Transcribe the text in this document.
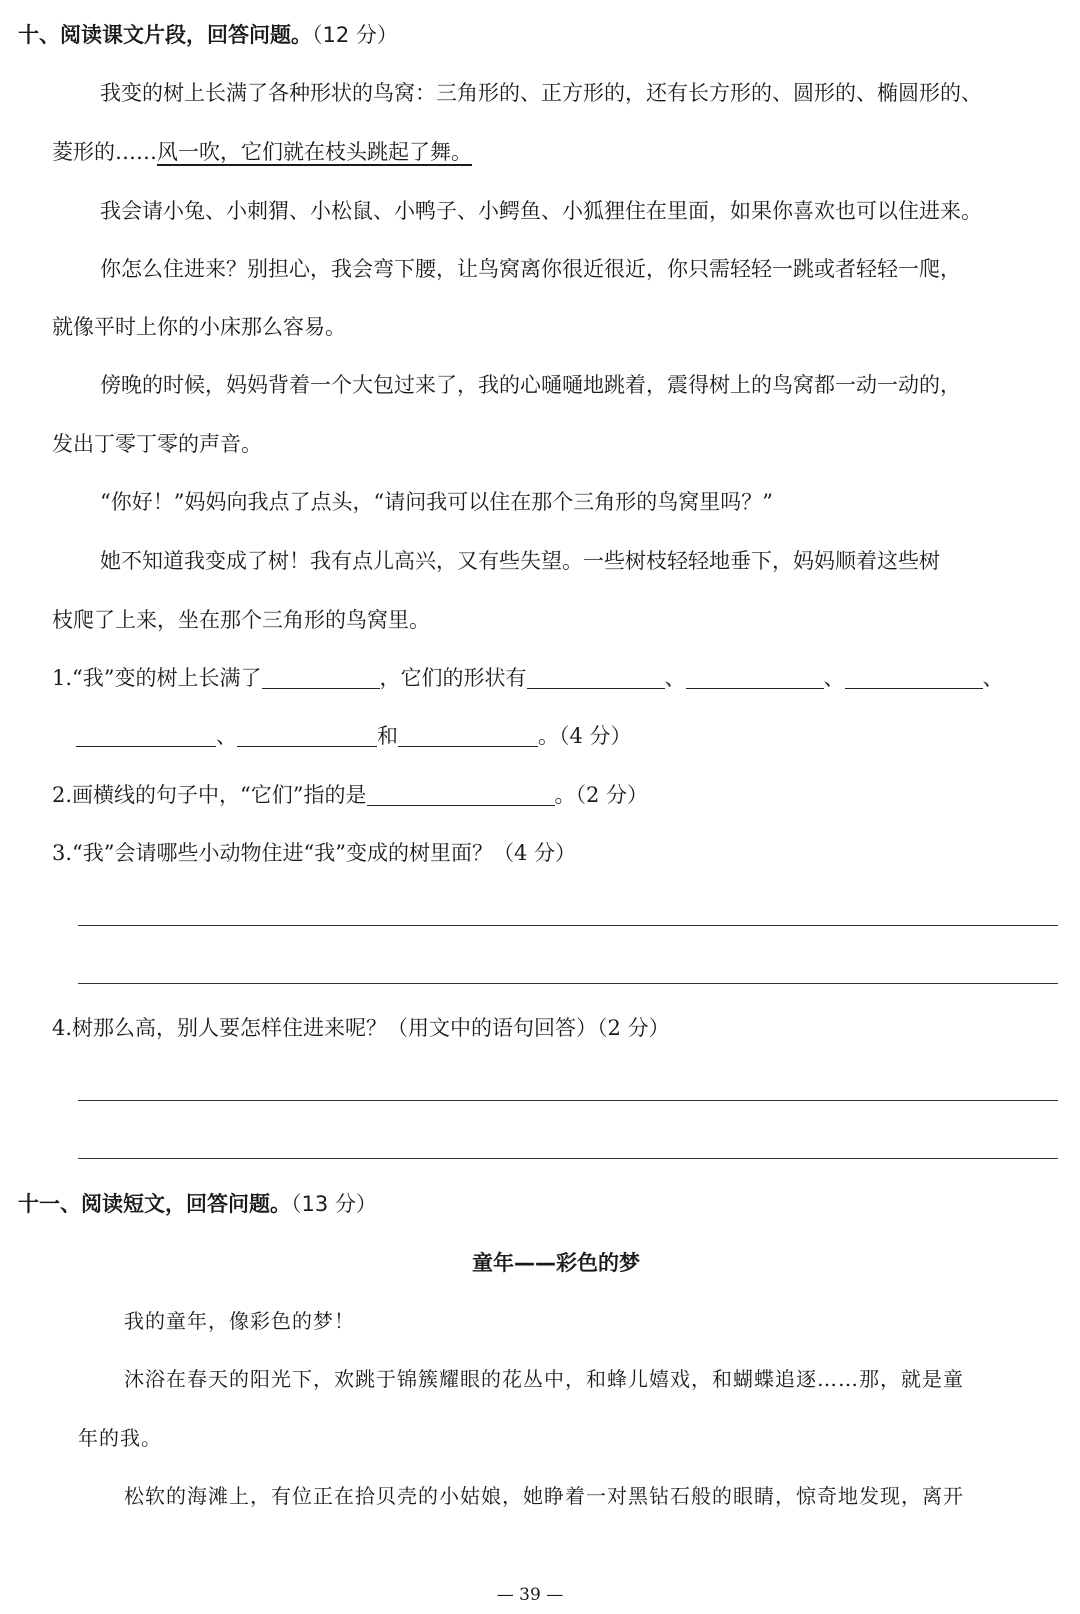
十、阅读课文片段，回答问题。（12 分）
我变的树上长满了各种形状的鸟窝：三角形的、正方形的，还有长方形的、圆形的、椭圆形的、
菱形的……风一吹，它们就在枝头跳起了舞。
我会请小兔、小刺猬、小松鼠、小鸭子、小鳄鱼、小狐狸住在里面，如果你喜欢也可以住进来。
你怎么住进来？别担心，我会弯下腰，让鸟窝离你很近很近，你只需轻轻一跳或者轻轻一爬，
就像平时上你的小床那么容易。
傍晚的时候，妈妈背着一个大包过来了，我的心嗵嗵地跳着，震得树上的鸟窝都一动一动的，
发出丁零丁零的声音。
“你好！”妈妈向我点了点头，“请问我可以住在那个三角形的鸟窝里吗？”
她不知道我变成了树！我有点儿高兴，又有些失望。一些树枝轻轻地垂下，妈妈顺着这些树
枝爬了上来，坐在那个三角形的鸟窝里。
1.“我”变的树上长满了	，它们的形状有	、	、	、
、	和	。（4 分）
2.画横线的句子中，“它们”指的是	。（2 分）
3.“我”会请哪些小动物住进“我”变成的树里面？（4 分）
4.树那么高，别人要怎样住进来呢？（用文中的语句回答）（2 分）
十一、阅读短文，回答问题。（13 分）
童年——彩色的梦
我的童年，像彩色的梦！
沐浴在春天的阳光下，欢跳于锦簇耀眼的花丛中，和蜂儿嬉戏，和蝴蝶追逐……那，就是童
年的我。
松软的海滩上，有位正在拾贝壳的小姑娘，她睁着一对黑钻石般的眼睛，惊奇地发现，离开
— 39 —
